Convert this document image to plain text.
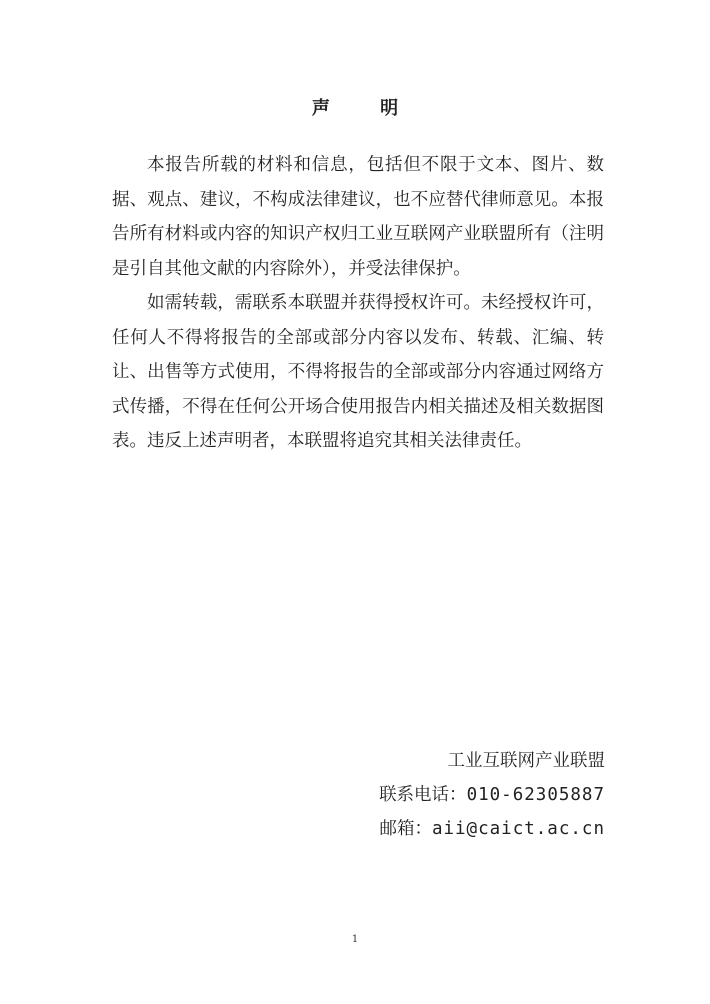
声 明

本报告所载的材料和信息，包括但不限于文本、图片、数据、观点、建议，不构成法律建议，也不应替代律师意见。本报告所有材料或内容的知识产权归工业互联网产业联盟所有（注明是引自其他文献的内容除外），并受法律保护。

如需转载，需联系本联盟并获得授权许可。未经授权许可，任何人不得将报告的全部或部分内容以发布、转载、汇编、转让、出售等方式使用，不得将报告的全部或部分内容通过网络方式传播，不得在任何公开场合使用报告内相关描述及相关数据图表。违反上述声明者，本联盟将追究其相关法律责任。

工业互联网产业联盟
联系电话：010-62305887
邮箱：aii@caict.ac.cn
1
